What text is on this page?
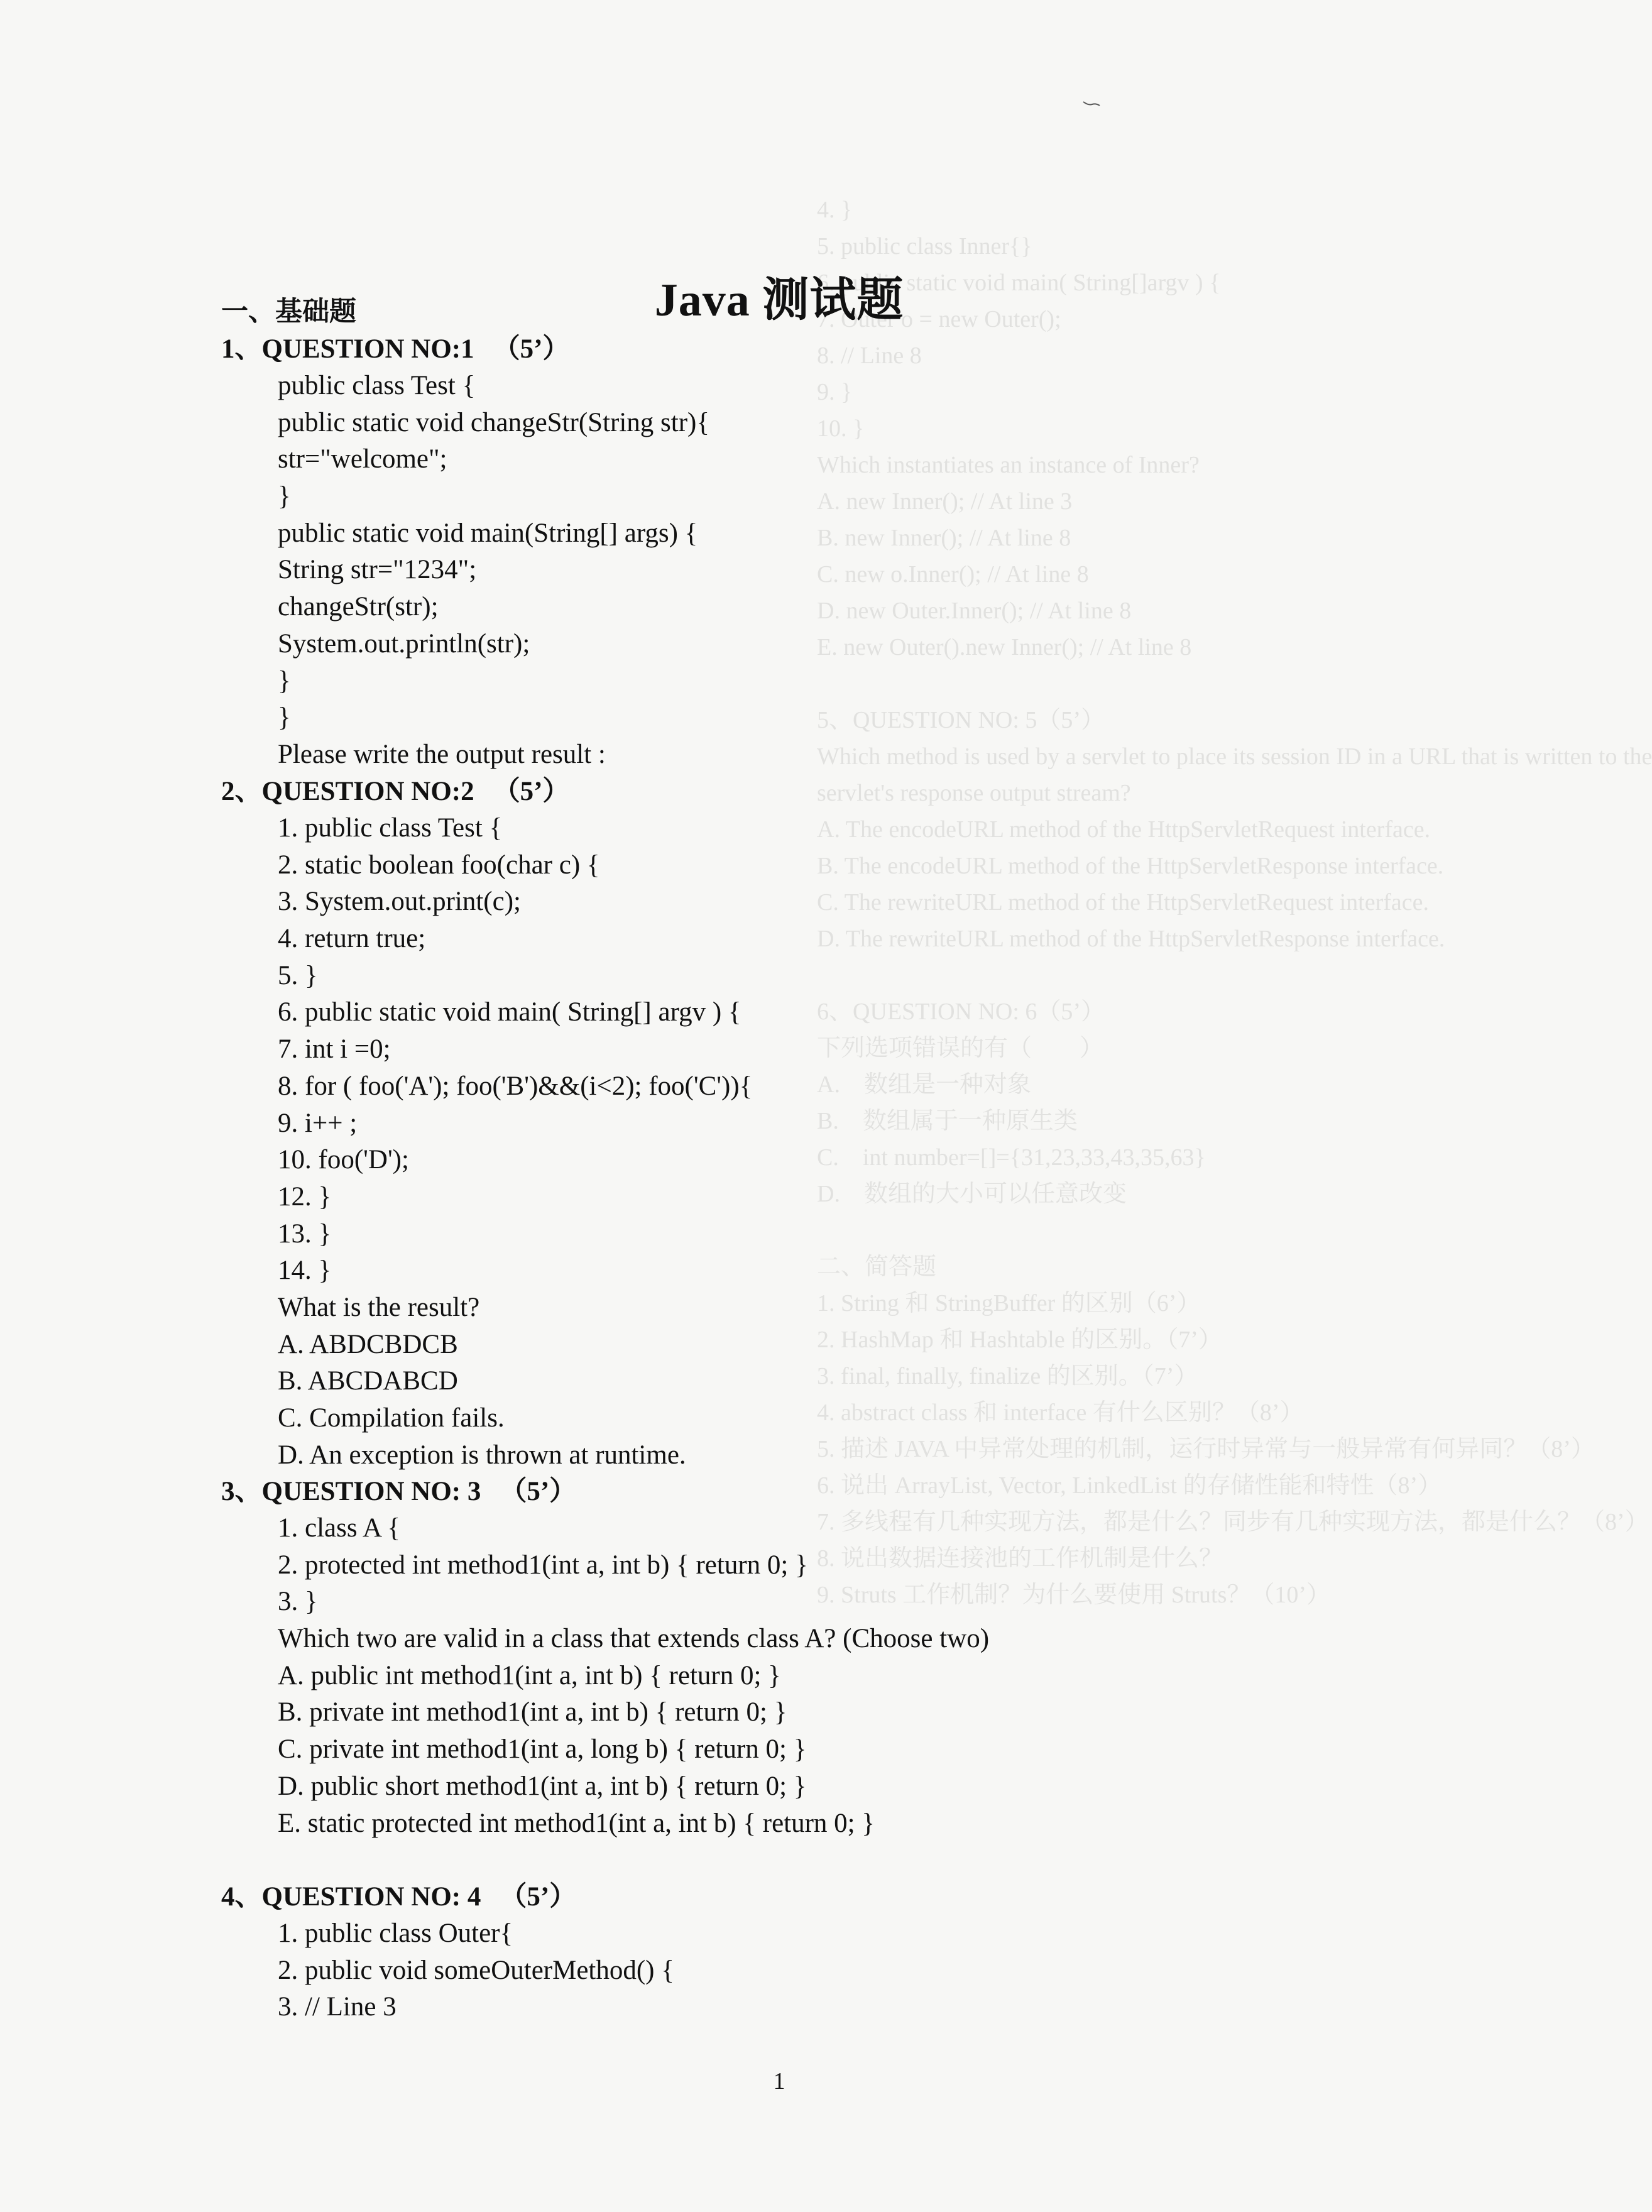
4. }
5. public class Inner{}
6. public static void main( String[]argv ) {
7. Outer o = new Outer();
8. // Line 8
9. }
10. }
Which instantiates an instance of Inner?
A. new Inner(); // At line 3
B. new Inner(); // At line 8
C. new o.Inner(); // At line 8
D. new Outer.Inner(); // At line 8
E. new Outer().new Inner(); // At line 8
5、QUESTION NO: 5（5’）
Which method is used by a servlet to place its session ID in a URL that is written to the
servlet's response output stream?
A. The encodeURL method of the HttpServletRequest interface.
B. The encodeURL method of the HttpServletResponse interface.
C. The rewriteURL method of the HttpServletRequest interface.
D. The rewriteURL method of the HttpServletResponse interface.
6、QUESTION NO: 6（5’）
下列选项错误的有（　　）
A.　数组是一种对象
B.　数组属于一种原生类
C.　int number=[]={31,23,33,43,35,63}
D.　数组的大小可以任意改变
二、简答题
1. String 和 StringBuffer 的区别（6’）
2. HashMap 和 Hashtable 的区别。（7’）
3. final, finally, finalize 的区别。（7’）
4. abstract class 和 interface 有什么区别？（8’）
5. 描述 JAVA 中异常处理的机制，运行时异常与一般异常有何异同？（8’）
6. 说出 ArrayList, Vector, LinkedList 的存储性能和特性（8’）
7. 多线程有几种实现方法，都是什么？同步有几种实现方法，都是什么？（8’）
8. 说出数据连接池的工作机制是什么？
9. Struts 工作机制？为什么要使用 Struts？（10’）
Java 测试题
一、基础题
1、QUESTION NO:1 （5’）
public class Test {
public static void changeStr(String str){
str="welcome";
}
public static void main(String[] args) {
String str="1234";
changeStr(str);
System.out.println(str);
}
}
Please write the output result :
2、QUESTION NO:2 （5’）
1. public class Test {
2. static boolean foo(char c) {
3. System.out.print(c);
4. return true;
5. }
6. public static void main( String[] argv ) {
7. int i =0;
8. for ( foo('A'); foo('B')&&(i<2); foo('C')){
9. i++ ;
10. foo('D');
12. }
13. }
14. }
What is the result?
A. ABDCBDCB
B. ABCDABCD
C. Compilation fails.
D. An exception is thrown at runtime.
3、QUESTION NO: 3 （5’）
1. class A {
2. protected int method1(int a, int b) { return 0; }
3. }
Which two are valid in a class that extends class A? (Choose two)
A. public int method1(int a, int b) { return 0; }
B. private int method1(int a, int b) { return 0; }
C. private int method1(int a, long b) { return 0; }
D. public short method1(int a, int b) { return 0; }
E. static protected int method1(int a, int b) { return 0; }
4、QUESTION NO: 4 （5’）
1. public class Outer{
2. public void someOuterMethod() {
3. // Line 3
1
